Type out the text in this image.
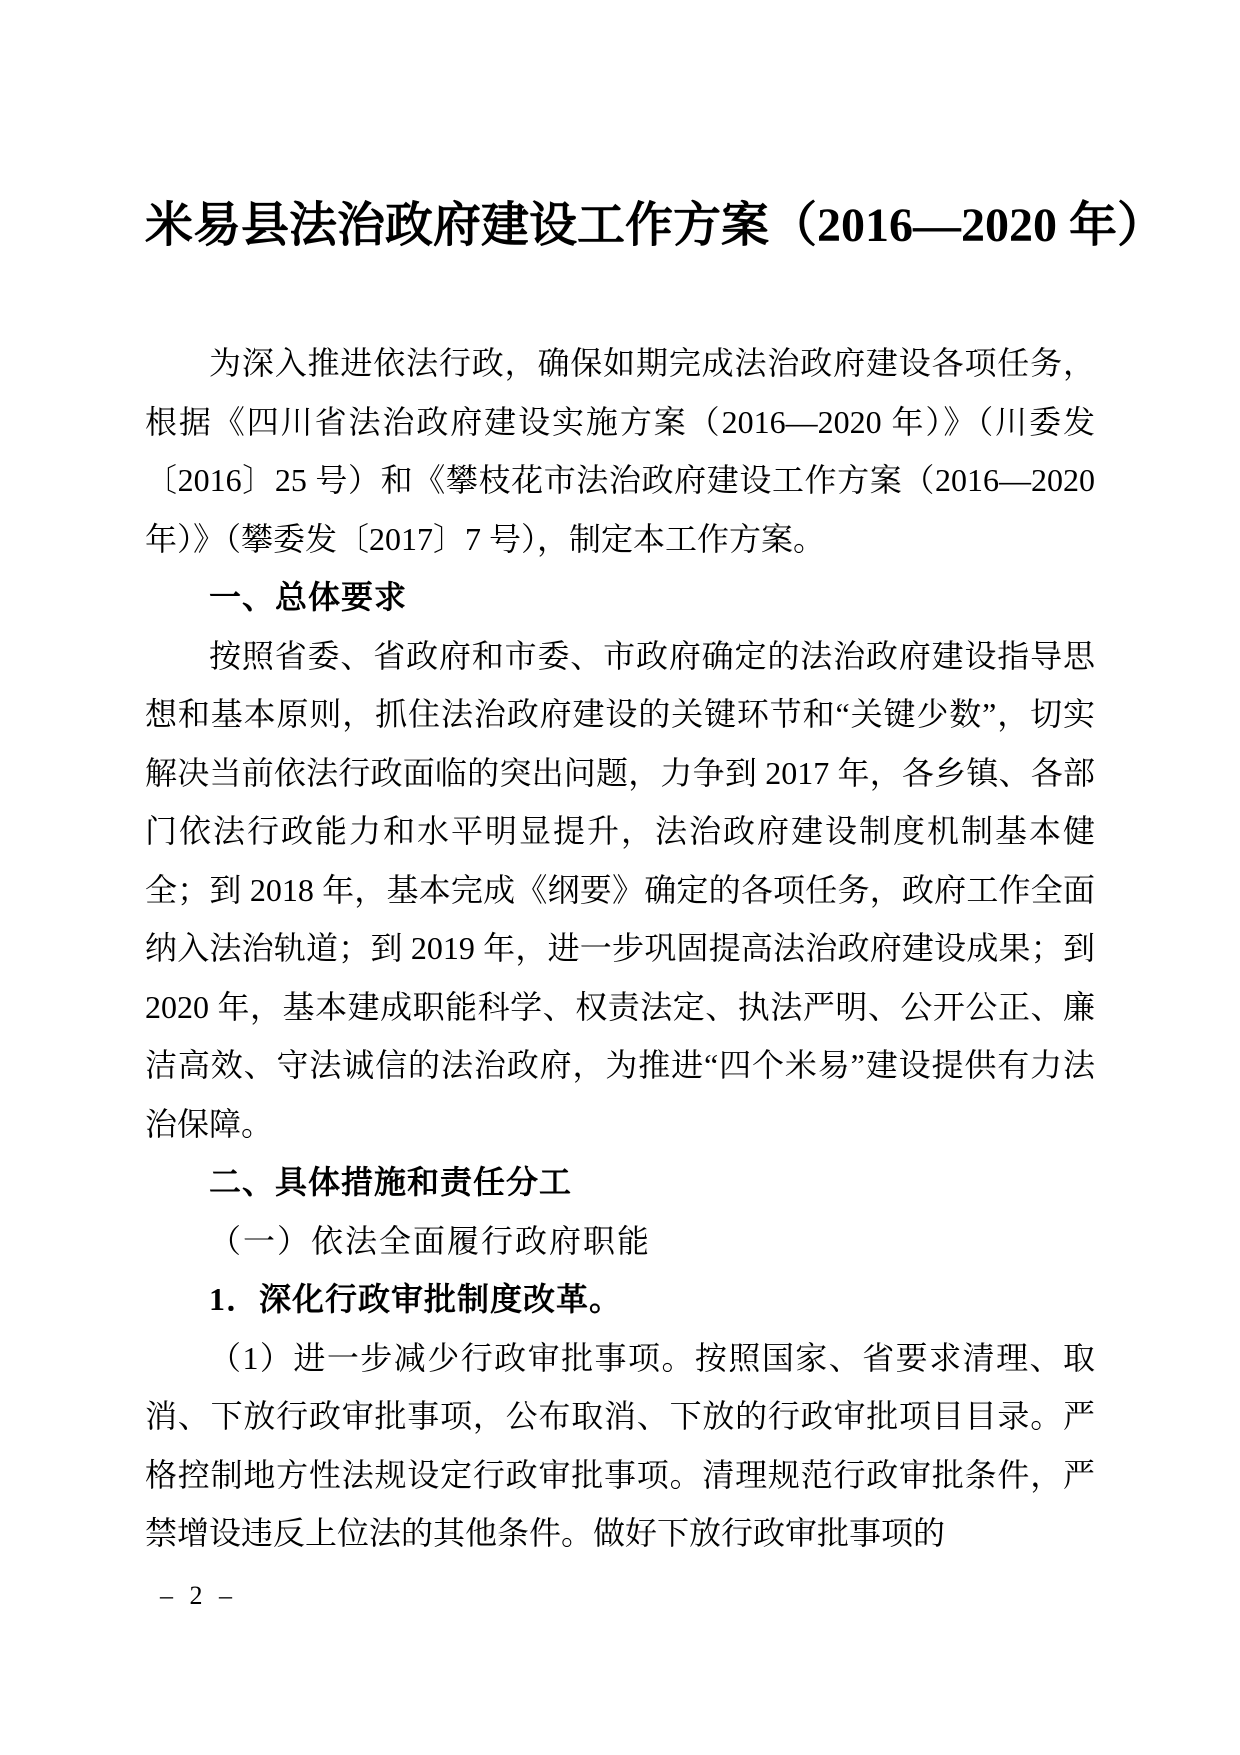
米易县法治政府建设工作方案（2016—2020 年）

为深入推进依法行政，确保如期完成法治政府建设各项任务，根据《四川省法治政府建设实施方案（2016—2020 年）》（川委发〔2016〕25 号）和《攀枝花市法治政府建设工作方案（2016—2020 年）》（攀委发〔2017〕7 号），制定本工作方案。

一、总体要求

按照省委、省政府和市委、市政府确定的法治政府建设指导思想和基本原则，抓住法治政府建设的关键环节和“关键少数”，切实解决当前依法行政面临的突出问题，力争到 2017 年，各乡镇、各部门依法行政能力和水平明显提升，法治政府建设制度机制基本健全；到 2018 年，基本完成《纲要》确定的各项任务，政府工作全面纳入法治轨道；到 2019 年，进一步巩固提高法治政府建设成果；到 2020 年，基本建成职能科学、权责法定、执法严明、公开公正、廉洁高效、守法诚信的法治政府，为推进“四个米易”建设提供有力法治保障。

二、具体措施和责任分工
（一）依法全面履行政府职能
1．深化行政审批制度改革。

（1）进一步减少行政审批事项。按照国家、省要求清理、取消、下放行政审批事项，公布取消、下放的行政审批项目目录。严格控制地方性法规设定行政审批事项。清理规范行政审批条件，严禁增设违反上位法的其他条件。做好下放行政审批事项的

– 2 –
